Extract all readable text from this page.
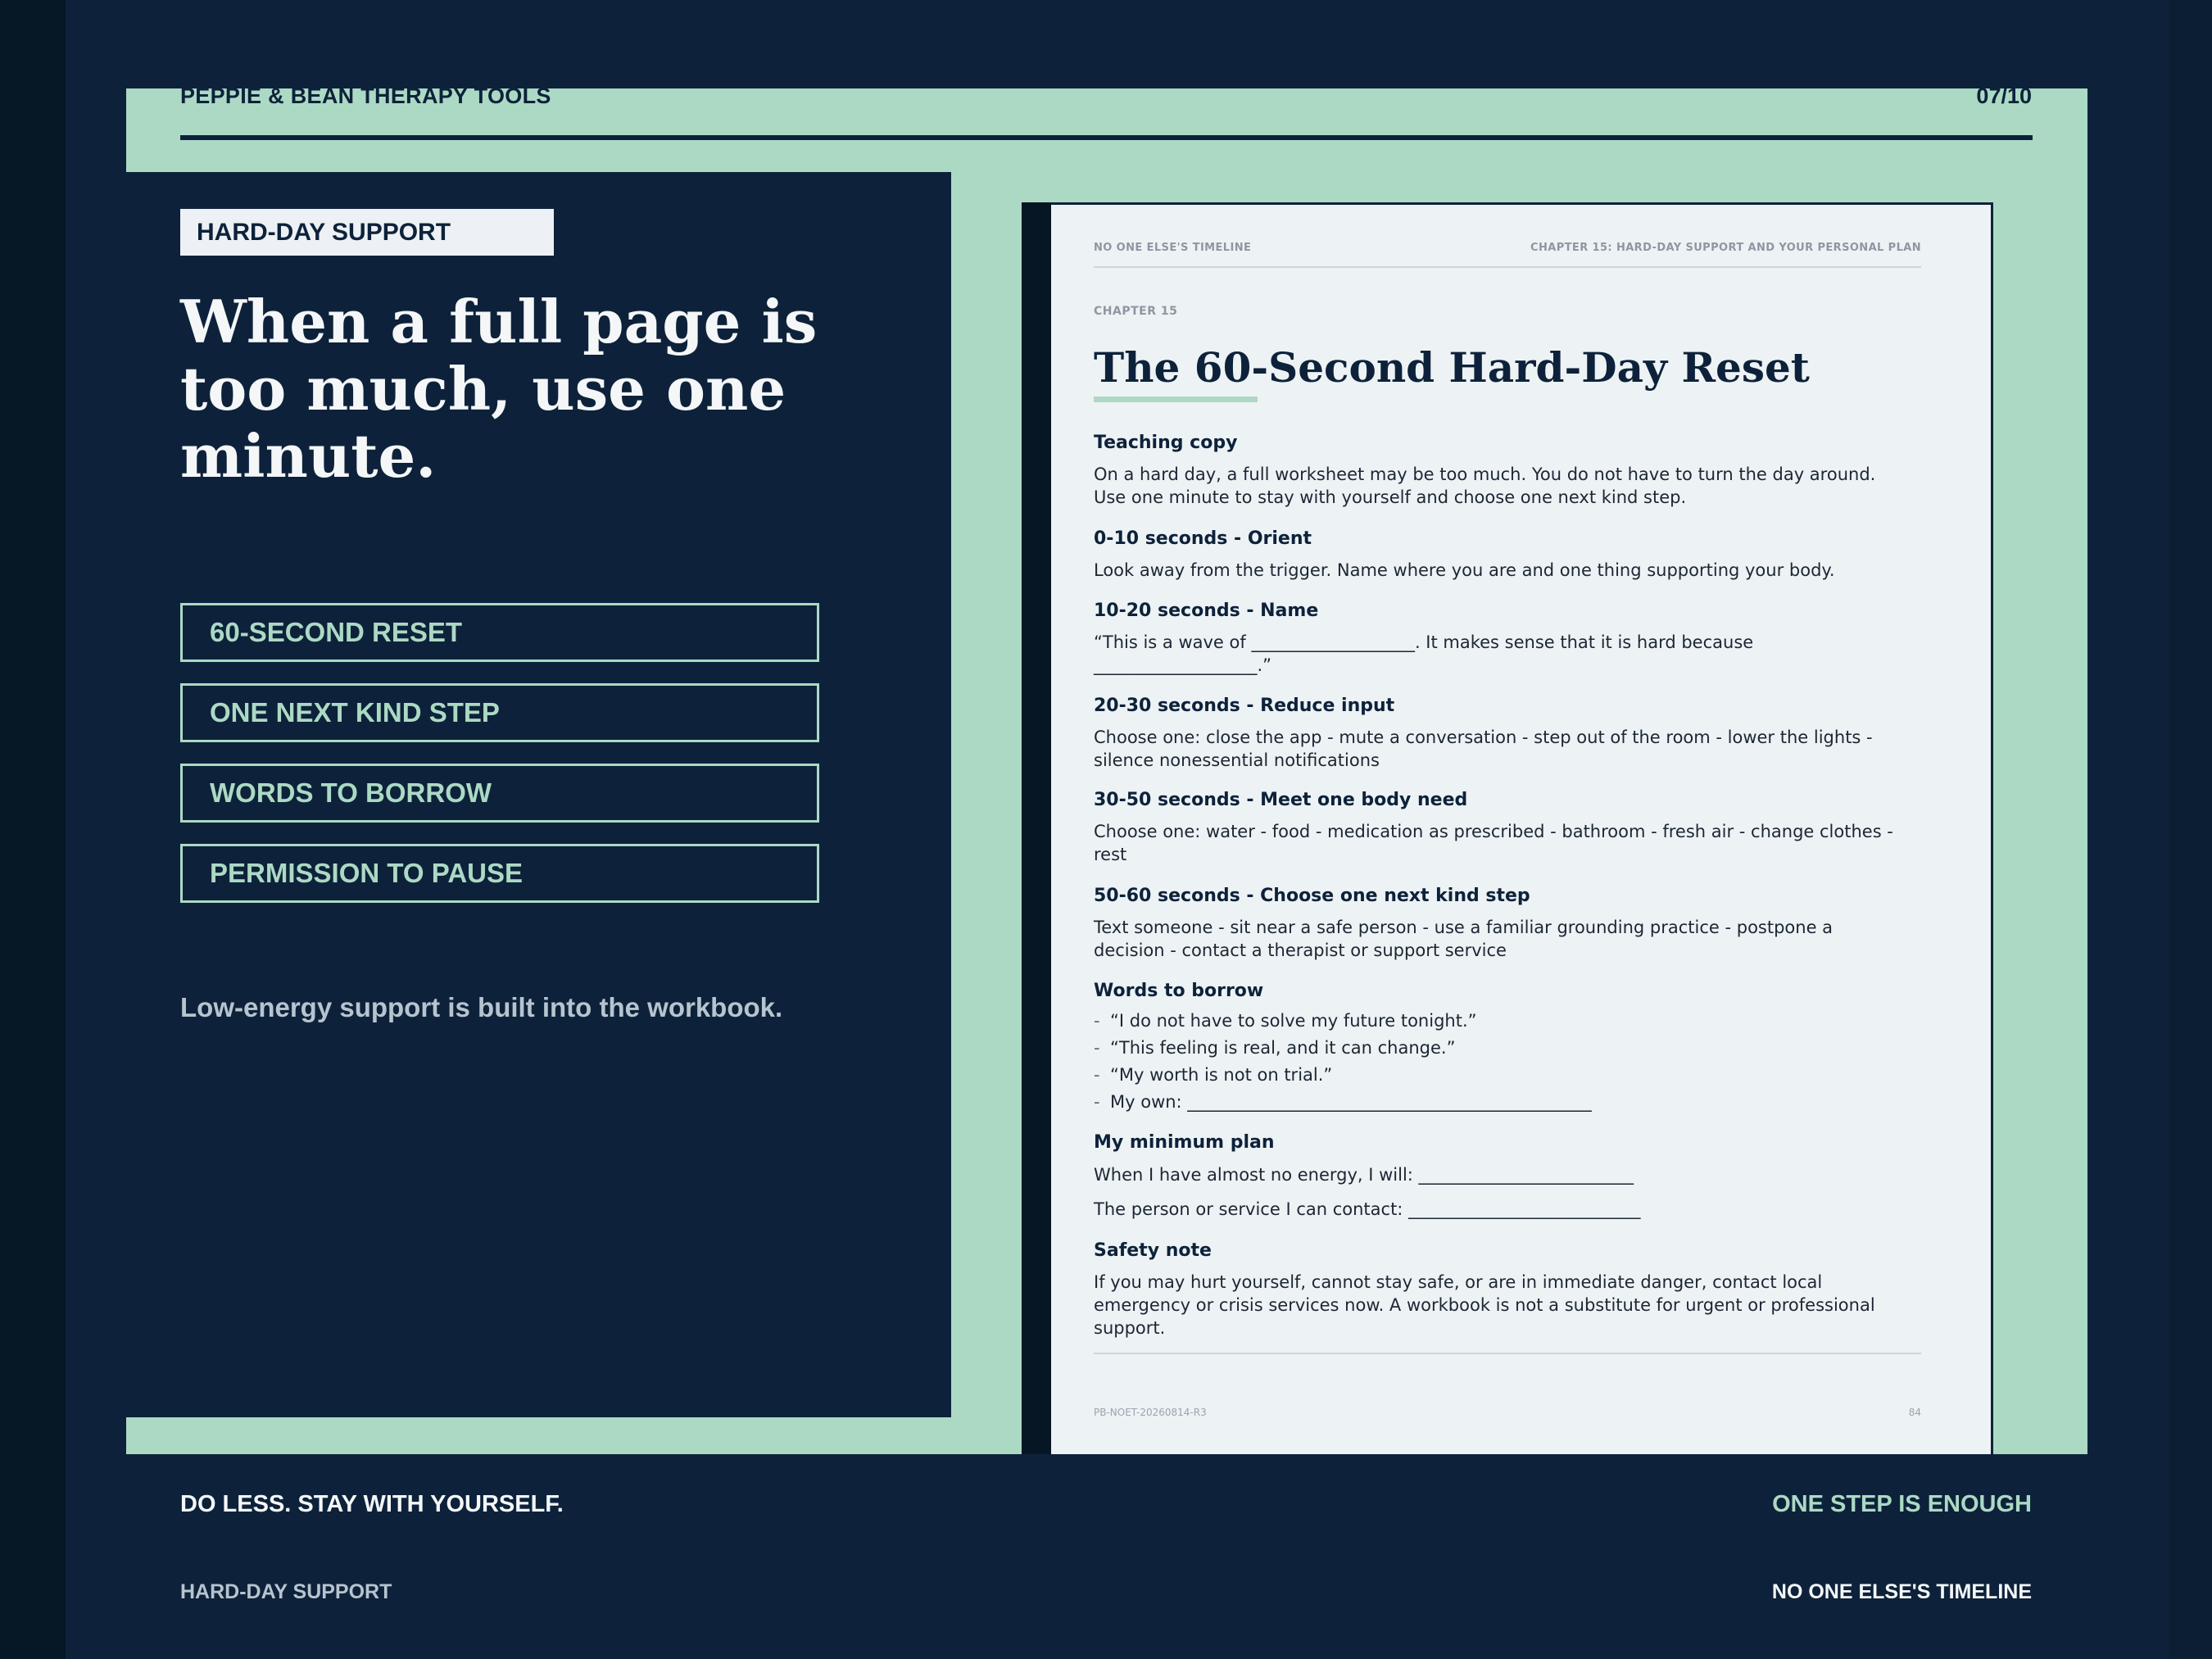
PEPPIE & BEAN THERAPY TOOLS	07/10
HARD-DAY SUPPORT
When a full page is too much, use one minute.
60-SECOND RESET
ONE NEXT KIND STEP
WORDS TO BORROW
PERMISSION TO PAUSE
Low-energy support is built into the workbook.
NO ONE ELSE'S TIMELINE	CHAPTER 15: HARD-DAY SUPPORT AND YOUR PERSONAL PLAN
CHAPTER 15
The 60-Second Hard-Day Reset
Teaching copy
On a hard day, a full worksheet may be too much. You do not have to turn the day around.
Use one minute to stay with yourself and choose one next kind step.
0-10 seconds - Orient
Look away from the trigger. Name where you are and one thing supporting your body.
10-20 seconds - Name
“This is a wave of ___________________. It makes sense that it is hard because
___________________.”
20-30 seconds - Reduce input
Choose one: close the app - mute a conversation - step out of the room - lower the lights -
silence nonessential notifications
30-50 seconds - Meet one body need
Choose one: water - food - medication as prescribed - bathroom - fresh air - change clothes -
rest
50-60 seconds - Choose one next kind step
Text someone - sit near a safe person - use a familiar grounding practice - postpone a
decision - contact a therapist or support service
Words to borrow
- “I do not have to solve my future tonight.”
- “This feeling is real, and it can change.”
- “My worth is not on trial.”
- My own: _______________________________________________
My minimum plan
When I have almost no energy, I will: _________________________
The person or service I can contact: ___________________________
Safety note
If you may hurt yourself, cannot stay safe, or are in immediate danger, contact local
emergency or crisis services now. A workbook is not a substitute for urgent or professional
support.
PB-NOET-20260814-R3	84
DO LESS. STAY WITH YOURSELF.	ONE STEP IS ENOUGH
HARD-DAY SUPPORT	NO ONE ELSE'S TIMELINE
